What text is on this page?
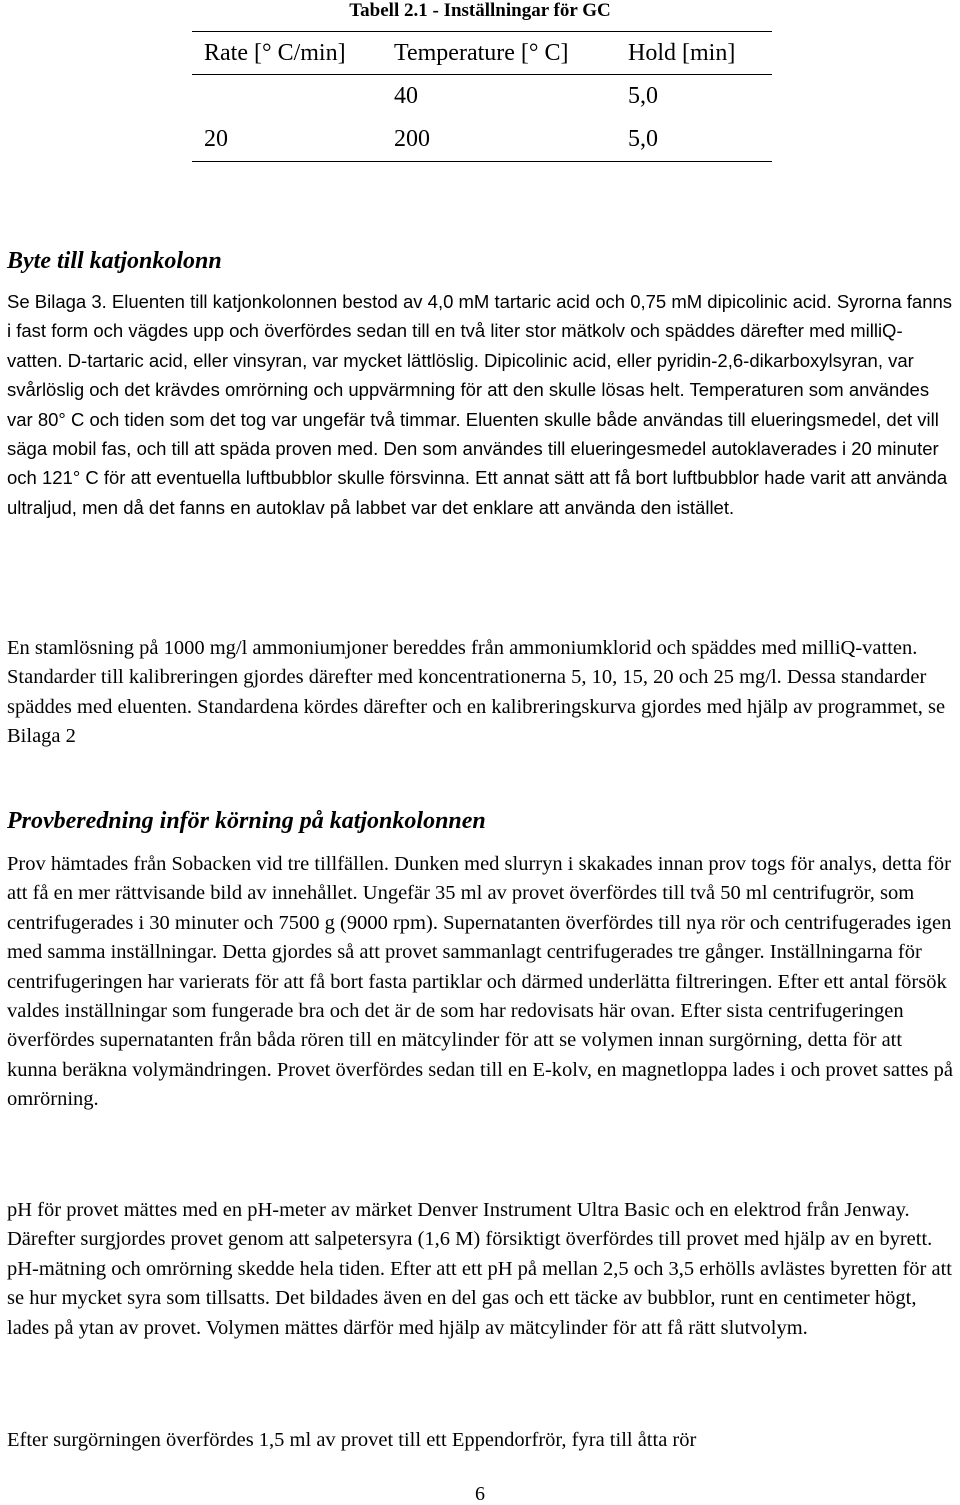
Tabell 2.1 - Inställningar för GC
Rate [° C/min]	Temperature [° C]	Hold [min]
	40	5,0
20	200	5,0
Byte till katjonkolonn

Se Bilaga 3. Eluenten till katjonkolonnen bestod av 4,0 mM tartaric acid och 0,75 mM dipicolinic acid. Syrorna fanns i fast form och vägdes upp och överfördes sedan till en två liter stor mätkolv och späddes därefter med milliQ-vatten. D-tartaric acid, eller vinsyran, var mycket lättlöslig. Dipicolinic acid, eller pyridin-2,6-dikarboxylsyran, var svårlöslig och det krävdes omrörning och uppvärmning för att den skulle lösas helt. Temperaturen som användes var 80° C och tiden som det tog var ungefär två timmar. Eluenten skulle både användas till elueringsmedel, det vill säga mobil fas, och till att späda proven med. Den som användes till elueringesmedel autoklaverades i 20 minuter och 121° C för att eventuella luftbubblor skulle försvinna. Ett annat sätt att få bort luftbubblor hade varit att använda ultraljud, men då det fanns en autoklav på labbet var det enklare att använda den istället.

En stamlösning på 1000 mg/l ammoniumjoner bereddes från ammoniumklorid och späddes med milliQ-vatten. Standarder till kalibreringen gjordes därefter med koncentrationerna 5, 10, 15, 20 och 25 mg/l. Dessa standarder späddes med eluenten. Standardena kördes därefter och en kalibreringskurva gjordes med hjälp av programmet, se Bilaga 2

Provberedning inför körning på katjonkolonnen

Prov hämtades från Sobacken vid tre tillfällen. Dunken med slurryn i skakades innan prov togs för analys, detta för att få en mer rättvisande bild av innehållet. Ungefär 35 ml av provet överfördes till två 50 ml centrifugrör, som centrifugerades i 30 minuter och 7500 g (9000 rpm). Supernatanten överfördes till nya rör och centrifugerades igen med samma inställningar. Detta gjordes så att provet sammanlagt centrifugerades tre gånger. Inställningarna för centrifugeringen har varierats för att få bort fasta partiklar och därmed underlätta filtreringen. Efter ett antal försök valdes inställningar som fungerade bra och det är de som har redovisats här ovan. Efter sista centrifugeringen överfördes supernatanten från båda rören till en mätcylinder för att se volymen innan surgörning, detta för att kunna beräkna volymändringen. Provet överfördes sedan till en E-kolv, en magnetloppa lades i och provet sattes på omrörning.

pH för provet mättes med en pH-meter av märket Denver Instrument Ultra Basic och en elektrod från Jenway. Därefter surgjordes provet genom att salpetersyra (1,6 M) försiktigt överfördes till provet med hjälp av en byrett. pH-mätning och omrörning skedde hela tiden. Efter att ett pH på mellan 2,5 och 3,5 erhölls avlästes byretten för att se hur mycket syra som tillsatts. Det bildades även en del gas och ett täcke av bubblor, runt en centimeter högt, lades på ytan av provet. Volymen mättes därför med hjälp av mätcylinder för att få rätt slutvolym.

Efter surgörningen överfördes 1,5 ml av provet till ett Eppendorfrör, fyra till åtta rör

6
